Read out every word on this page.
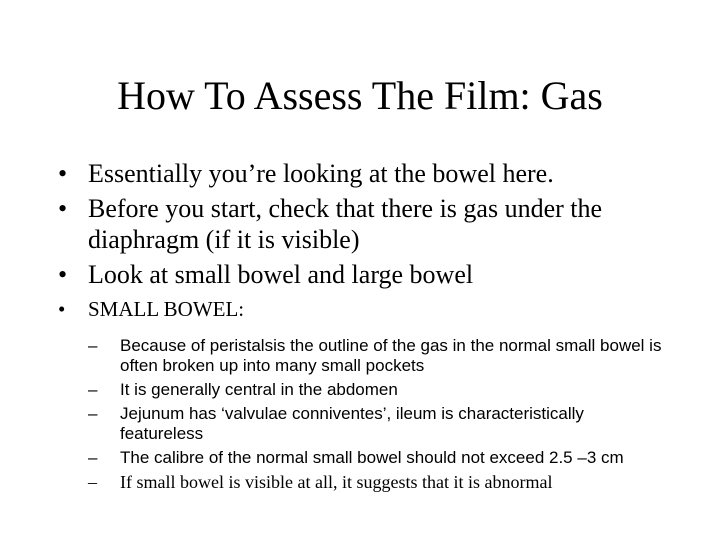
How To Assess The Film: Gas
• Essentially you’re looking at the bowel here.
• Before you start, check that there is gas under the diaphragm (if it is visible)
• Look at small bowel and large bowel
• SMALL BOWEL:
– Because of peristalsis the outline of the gas in the normal small bowel is often broken up into many small pockets
– It is generally central in the abdomen
– Jejunum has ‘valvulae conniventes’, ileum is characteristically featureless
– The calibre of the normal small bowel should not exceed 2.5 –3 cm
– If small bowel is visible at all, it suggests that it is abnormal
